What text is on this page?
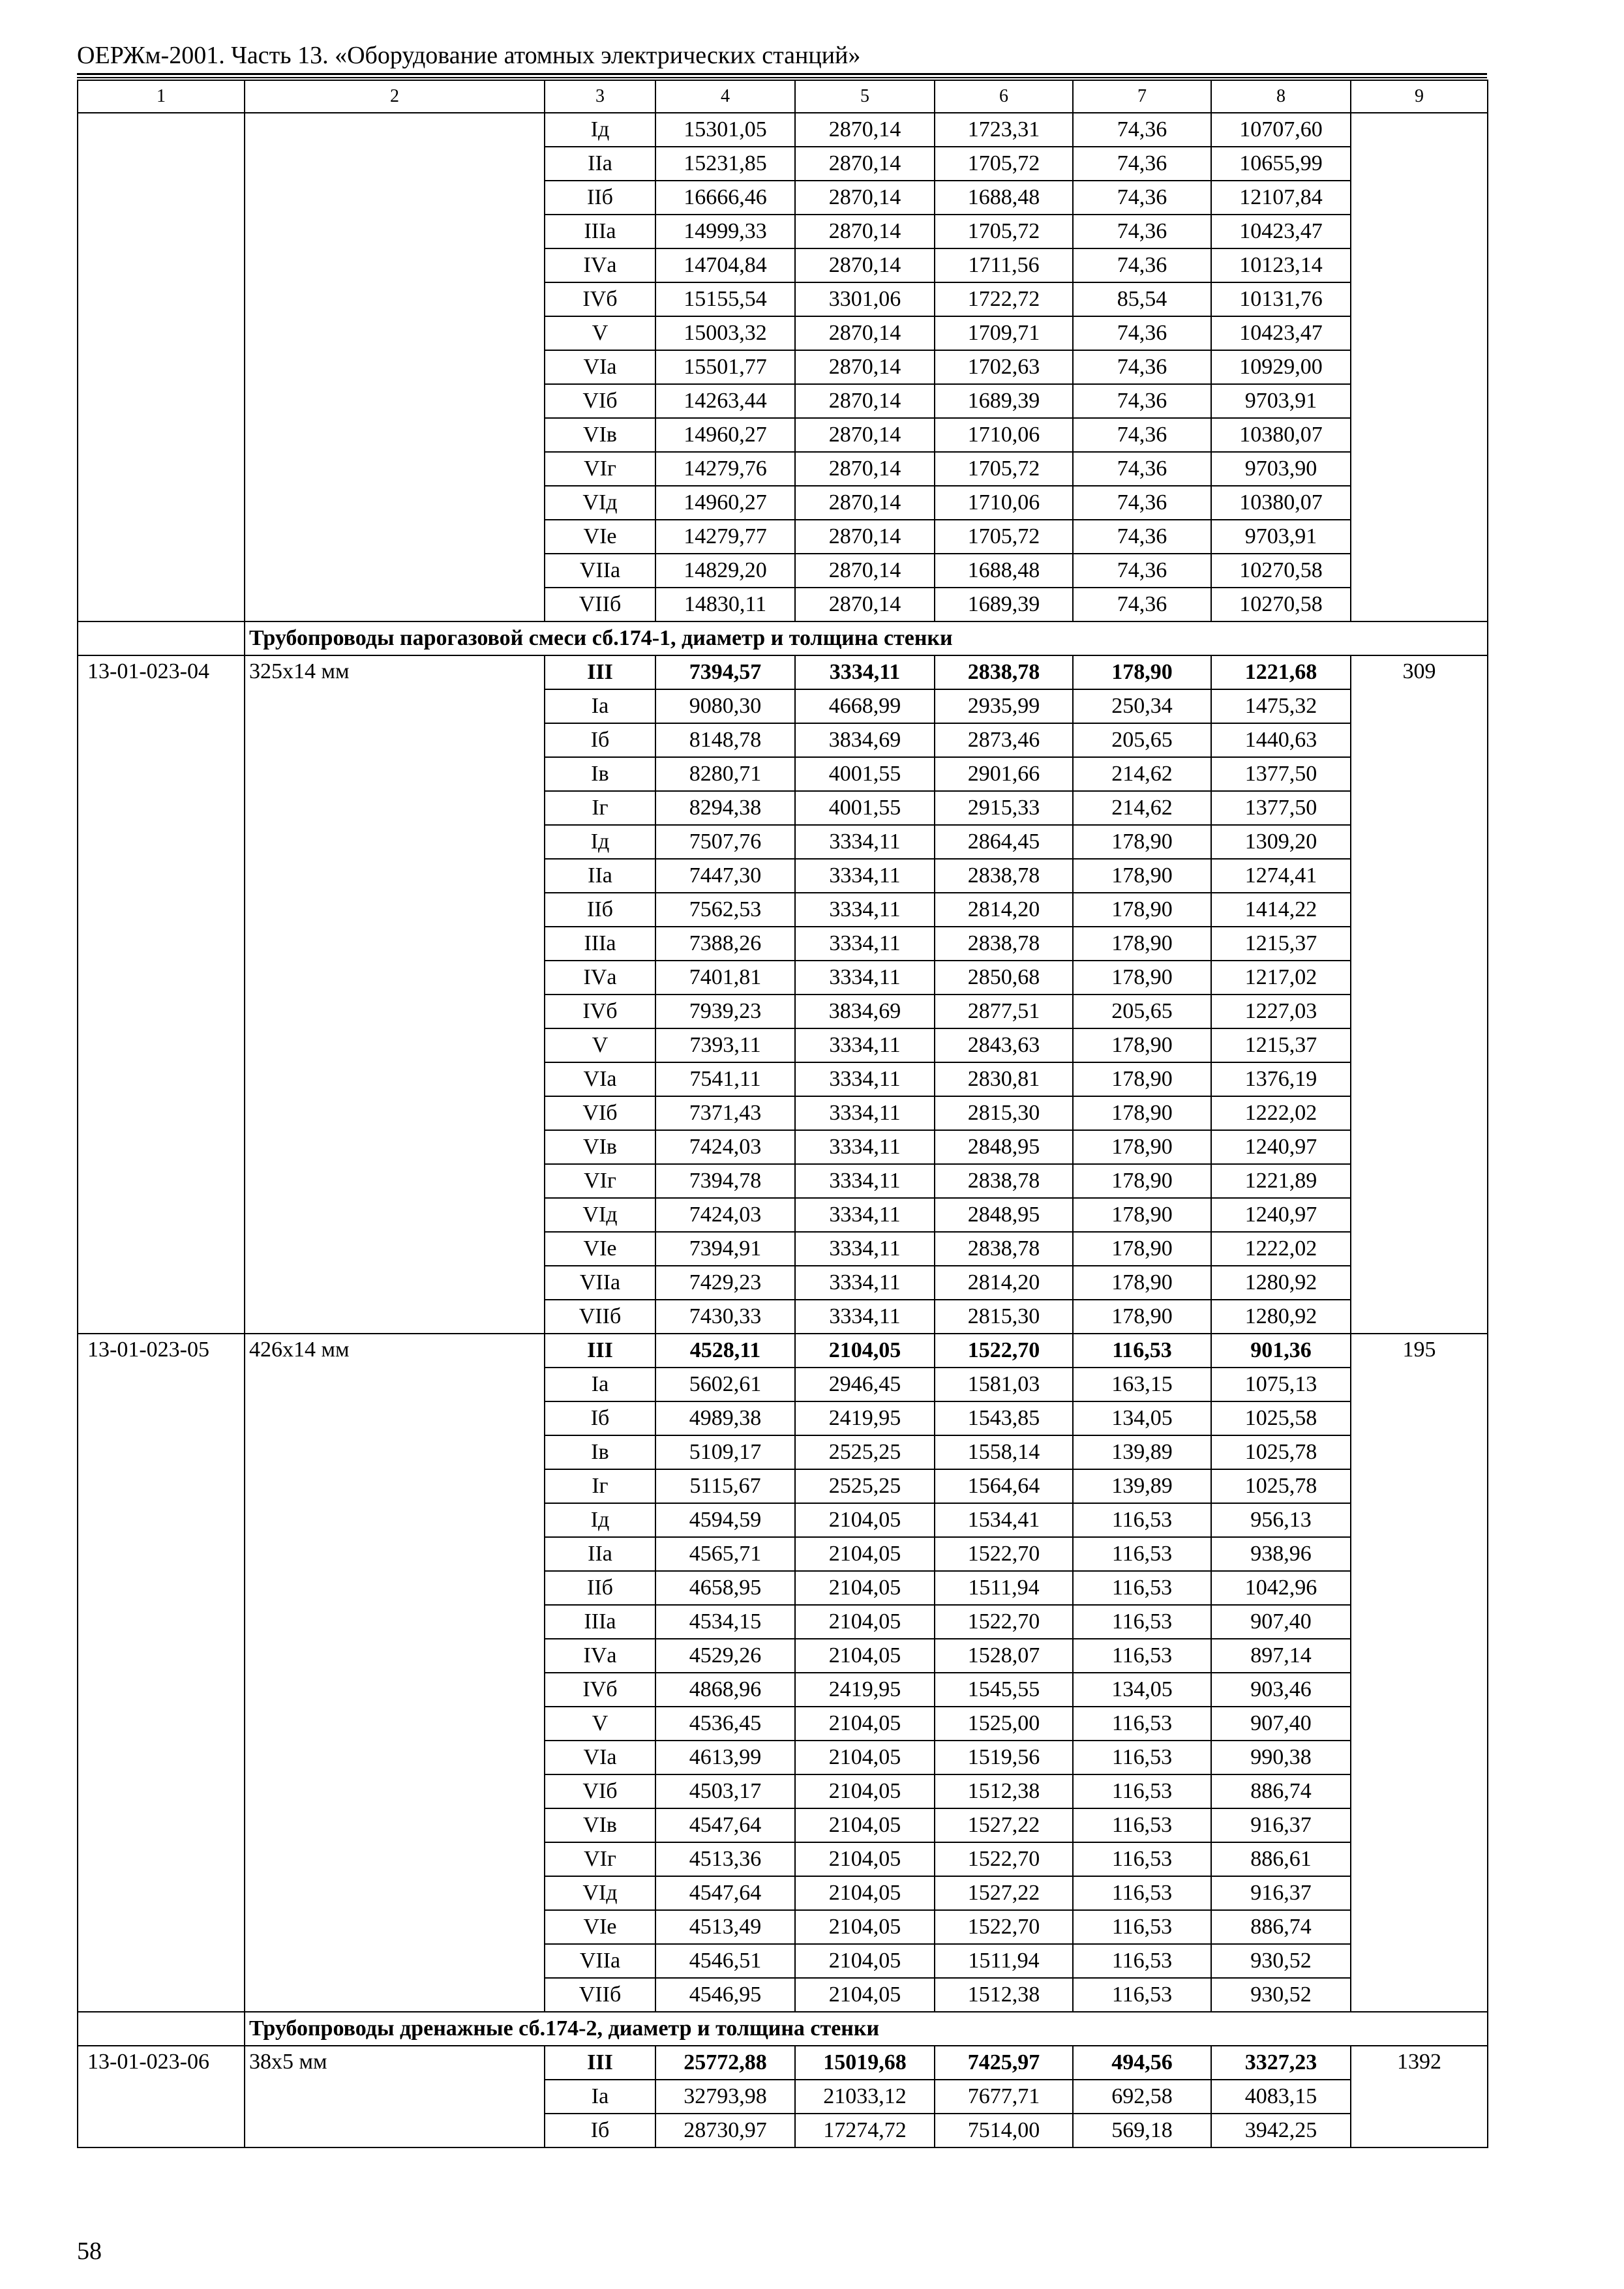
ОЕРЖм-2001. Часть 13. «Оборудование атомных электрических станций»
1	2	3	4	5	6	7	8	9
		Iд	15301,05	2870,14	1723,31	74,36	10707,60	
		IIа	15231,85	2870,14	1705,72	74,36	10655,99	
		IIб	16666,46	2870,14	1688,48	74,36	12107,84	
		IIIа	14999,33	2870,14	1705,72	74,36	10423,47	
		IVа	14704,84	2870,14	1711,56	74,36	10123,14	
		IVб	15155,54	3301,06	1722,72	85,54	10131,76	
		V	15003,32	2870,14	1709,71	74,36	10423,47	
		VIа	15501,77	2870,14	1702,63	74,36	10929,00	
		VIб	14263,44	2870,14	1689,39	74,36	9703,91	
		VIв	14960,27	2870,14	1710,06	74,36	10380,07	
		VIг	14279,76	2870,14	1705,72	74,36	9703,90	
		VIд	14960,27	2870,14	1710,06	74,36	10380,07	
		VIе	14279,77	2870,14	1705,72	74,36	9703,91	
		VIIа	14829,20	2870,14	1688,48	74,36	10270,58	
		VIIб	14830,11	2870,14	1689,39	74,36	10270,58	
	Трубопроводы парогазовой смеси сб.174-1, диаметр и толщина стенки							
13-01-023-04	325x14 мм	III	7394,57	3334,11	2838,78	178,90	1221,68	309
		Iа	9080,30	4668,99	2935,99	250,34	1475,32	
		Iб	8148,78	3834,69	2873,46	205,65	1440,63	
		Iв	8280,71	4001,55	2901,66	214,62	1377,50	
		Iг	8294,38	4001,55	2915,33	214,62	1377,50	
		Iд	7507,76	3334,11	2864,45	178,90	1309,20	
		IIа	7447,30	3334,11	2838,78	178,90	1274,41	
		IIб	7562,53	3334,11	2814,20	178,90	1414,22	
		IIIа	7388,26	3334,11	2838,78	178,90	1215,37	
		IVа	7401,81	3334,11	2850,68	178,90	1217,02	
		IVб	7939,23	3834,69	2877,51	205,65	1227,03	
		V	7393,11	3334,11	2843,63	178,90	1215,37	
		VIа	7541,11	3334,11	2830,81	178,90	1376,19	
		VIб	7371,43	3334,11	2815,30	178,90	1222,02	
		VIв	7424,03	3334,11	2848,95	178,90	1240,97	
		VIг	7394,78	3334,11	2838,78	178,90	1221,89	
		VIд	7424,03	3334,11	2848,95	178,90	1240,97	
		VIе	7394,91	3334,11	2838,78	178,90	1222,02	
		VIIа	7429,23	3334,11	2814,20	178,90	1280,92	
		VIIб	7430,33	3334,11	2815,30	178,90	1280,92	
13-01-023-05	426x14 мм	III	4528,11	2104,05	1522,70	116,53	901,36	195
		Iа	5602,61	2946,45	1581,03	163,15	1075,13	
		Iб	4989,38	2419,95	1543,85	134,05	1025,58	
		Iв	5109,17	2525,25	1558,14	139,89	1025,78	
		Iг	5115,67	2525,25	1564,64	139,89	1025,78	
		Iд	4594,59	2104,05	1534,41	116,53	956,13	
		IIа	4565,71	2104,05	1522,70	116,53	938,96	
		IIб	4658,95	2104,05	1511,94	116,53	1042,96	
		IIIа	4534,15	2104,05	1522,70	116,53	907,40	
		IVа	4529,26	2104,05	1528,07	116,53	897,14	
		IVб	4868,96	2419,95	1545,55	134,05	903,46	
		V	4536,45	2104,05	1525,00	116,53	907,40	
		VIа	4613,99	2104,05	1519,56	116,53	990,38	
		VIб	4503,17	2104,05	1512,38	116,53	886,74	
		VIв	4547,64	2104,05	1527,22	116,53	916,37	
		VIг	4513,36	2104,05	1522,70	116,53	886,61	
		VIд	4547,64	2104,05	1527,22	116,53	916,37	
		VIе	4513,49	2104,05	1522,70	116,53	886,74	
		VIIа	4546,51	2104,05	1511,94	116,53	930,52	
		VIIб	4546,95	2104,05	1512,38	116,53	930,52	
	Трубопроводы дренажные сб.174-2, диаметр и толщина стенки							
13-01-023-06	38x5 мм	III	25772,88	15019,68	7425,97	494,56	3327,23	1392
		Iа	32793,98	21033,12	7677,71	692,58	4083,15	
		Iб	28730,97	17274,72	7514,00	569,18	3942,25	
58
